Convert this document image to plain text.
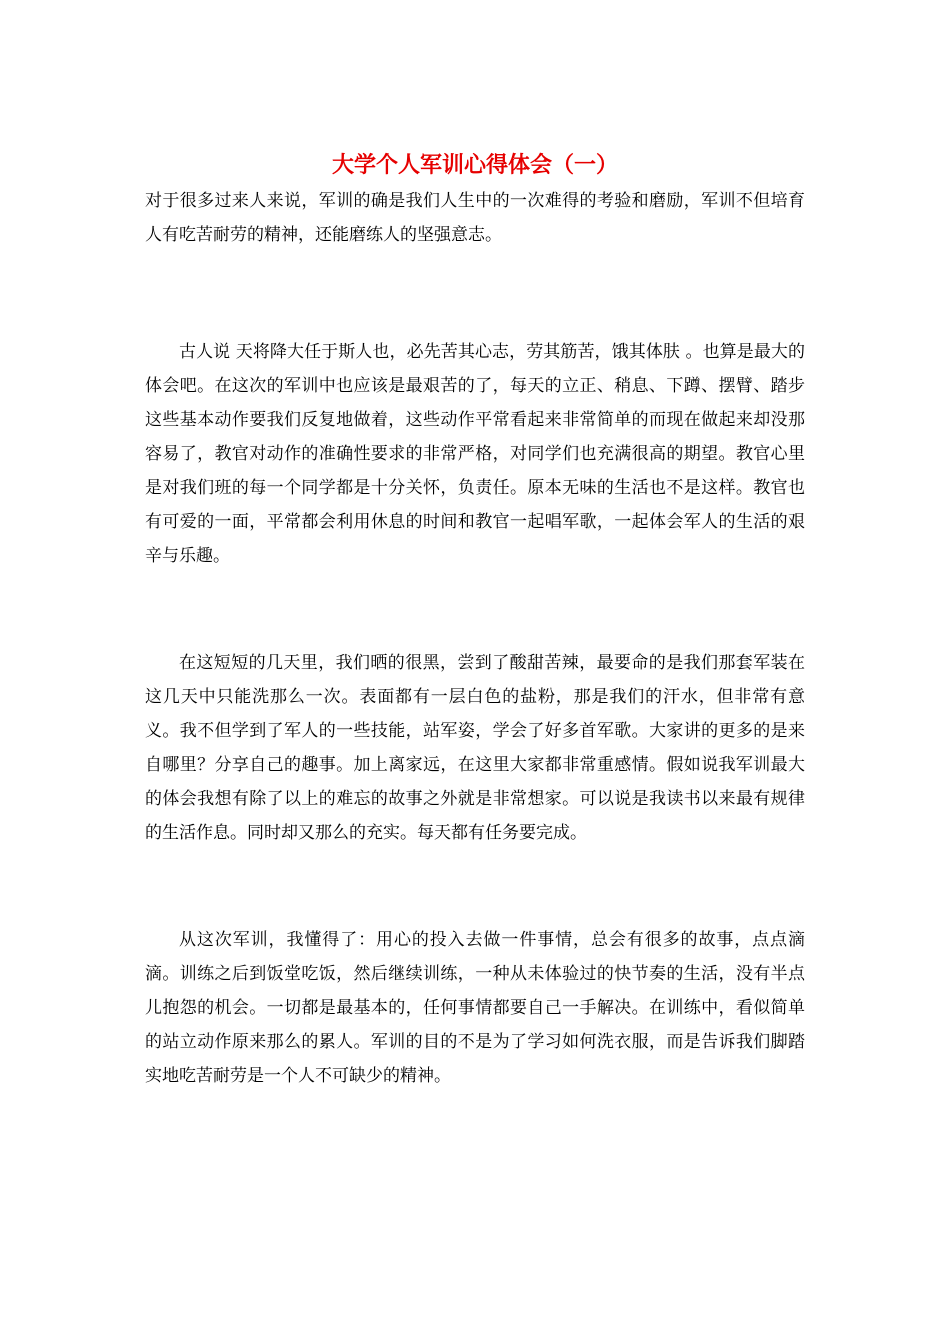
大学个人军训心得体会（一）

对于很多过来人来说，军训的确是我们人生中的一次难得的考验和磨励，军训不但培育人有吃苦耐劳的精神，还能磨练人的坚强意志。

古人说 天将降大任于斯人也，必先苦其心志，劳其筋苦，饿其体肤 。也算是最大的体会吧。在这次的军训中也应该是最艰苦的了，每天的立正、稍息、下蹲、摆臂、踏步这些基本动作要我们反复地做着，这些动作平常看起来非常简单的而现在做起来却没那容易了，教官对动作的准确性要求的非常严格，对同学们也充满很高的期望。教官心里是对我们班的每一个同学都是十分关怀，负责任。原本无味的生活也不是这样。教官也有可爱的一面，平常都会利用休息的时间和教官一起唱军歌，一起体会军人的生活的艰辛与乐趣。

在这短短的几天里，我们晒的很黑，尝到了酸甜苦辣，最要命的是我们那套军装在这几天中只能洗那么一次。表面都有一层白色的盐粉，那是我们的汗水，但非常有意义。我不但学到了军人的一些技能，站军姿，学会了好多首军歌。大家讲的更多的是来自哪里？分享自己的趣事。加上离家远，在这里大家都非常重感情。假如说我军训最大的体会我想有除了以上的难忘的故事之外就是非常想家。可以说是我读书以来最有规律的生活作息。同时却又那么的充实。每天都有任务要完成。

从这次军训，我懂得了：用心的投入去做一件事情，总会有很多的故事，点点滴滴。训练之后到饭堂吃饭，然后继续训练，一种从未体验过的快节奏的生活，没有半点儿抱怨的机会。一切都是最基本的，任何事情都要自己一手解决。在训练中，看似简单的站立动作原来那么的累人。军训的目的不是为了学习如何洗衣服，而是告诉我们脚踏实地吃苦耐劳是一个人不可缺少的精神。
